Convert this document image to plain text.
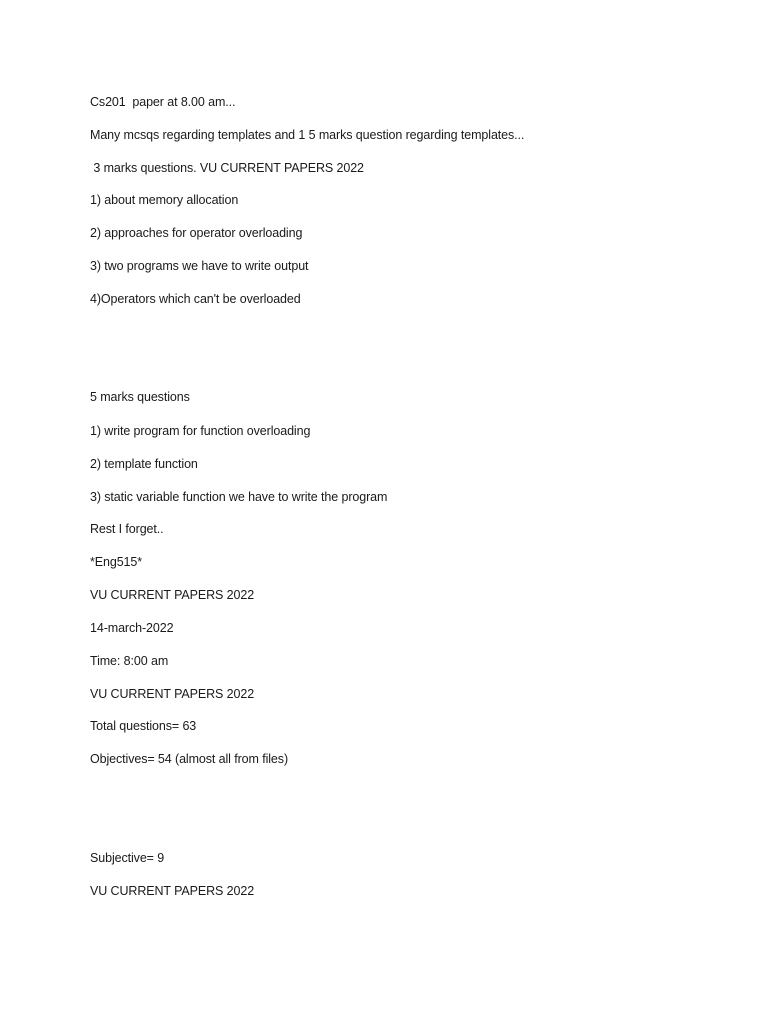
Cs201  paper at 8.00 am...
Many mcsqs regarding templates and 1 5 marks question regarding templates...
3 marks questions. VU CURRENT PAPERS 2022
1) about memory allocation
2) approaches for operator overloading
3) two programs we have to write output
4)Operators which can't be overloaded
5 marks questions
1) write program for function overloading
2) template function
3) static variable function we have to write the program
Rest I forget..
*Eng515*
VU CURRENT PAPERS 2022
14-march-2022
Time: 8:00 am
VU CURRENT PAPERS 2022
Total questions= 63
Objectives= 54 (almost all from files)
Subjective= 9
VU CURRENT PAPERS 2022
